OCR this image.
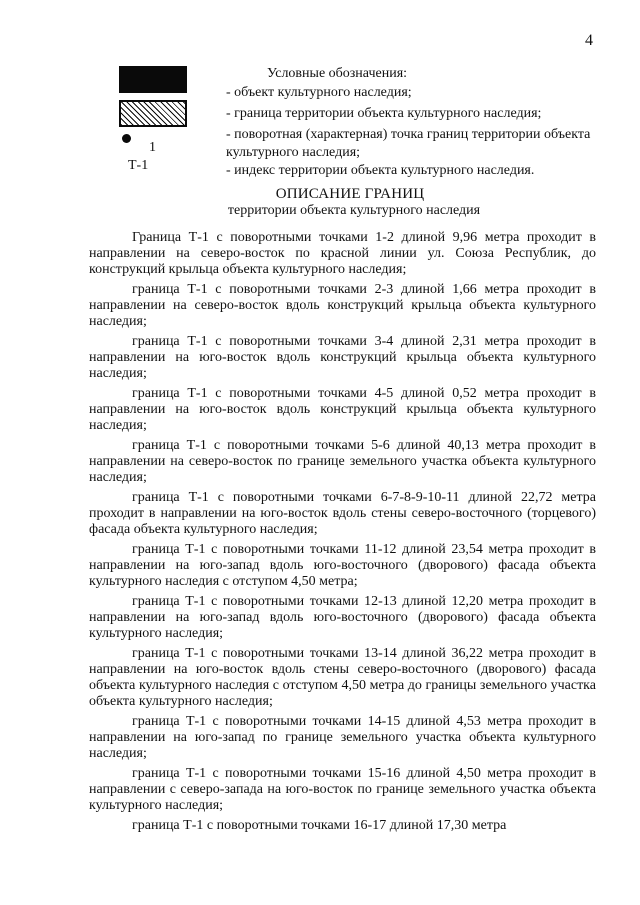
4
1
Т-1
Условные обозначения:
- объект культурного наследия;
- граница территории объекта культурного наследия;
- поворотная (характерная) точка границ территории объекта культурного наследия;
- индекс территории объекта культурного наследия.
ОПИСАНИЕ ГРАНИЦ
территории объекта культурного наследия

Граница Т-1 с поворотными точками 1-2 длиной 9,96 метра проходит в направлении на северо-восток по красной линии ул. Союза Республик, до конструкций крыльца объекта культурного наследия;

граница Т-1 с поворотными точками 2-3 длиной 1,66 метра проходит в направлении на северо-восток вдоль конструкций крыльца объекта культурного наследия;

граница Т-1 с поворотными точками 3-4 длиной 2,31 метра проходит в направлении на юго-восток вдоль конструкций крыльца объекта культурного наследия;

граница Т-1 с поворотными точками 4-5 длиной 0,52 метра проходит в направлении на юго-восток вдоль конструкций крыльца объекта культурного наследия;

граница Т-1 с поворотными точками 5-6 длиной 40,13 метра проходит в направлении на северо-восток по границе земельного участка объекта культурного наследия;

граница Т-1 с поворотными точками 6-7-8-9-10-11 длиной 22,72 метра проходит в направлении на юго-восток вдоль стены северо-восточного (торцевого) фасада объекта культурного наследия;

граница Т-1 с поворотными точками 11-12 длиной 23,54 метра проходит в направлении на юго-запад вдоль юго-восточного (дворового) фасада объекта культурного наследия с отступом 4,50 метра;

граница Т-1 с поворотными точками 12-13 длиной 12,20 метра проходит в направлении на юго-запад вдоль юго-восточного (дворового) фасада объекта культурного наследия;

граница Т-1 с поворотными точками 13-14 длиной 36,22 метра проходит в направлении на юго-восток вдоль стены северо-восточного (дворового) фасада объекта культурного наследия с отступом 4,50 метра до границы земельного участка объекта культурного наследия;

граница Т-1 с поворотными точками 14-15 длиной 4,53 метра проходит в направлении на юго-запад по границе земельного участка объекта культурного наследия;

граница Т-1 с поворотными точками 15-16 длиной 4,50 метра проходит в направлении с северо-запада на юго-восток по границе земельного участка объекта культурного наследия;

граница Т-1 с поворотными точками 16-17 длиной 17,30 метра
